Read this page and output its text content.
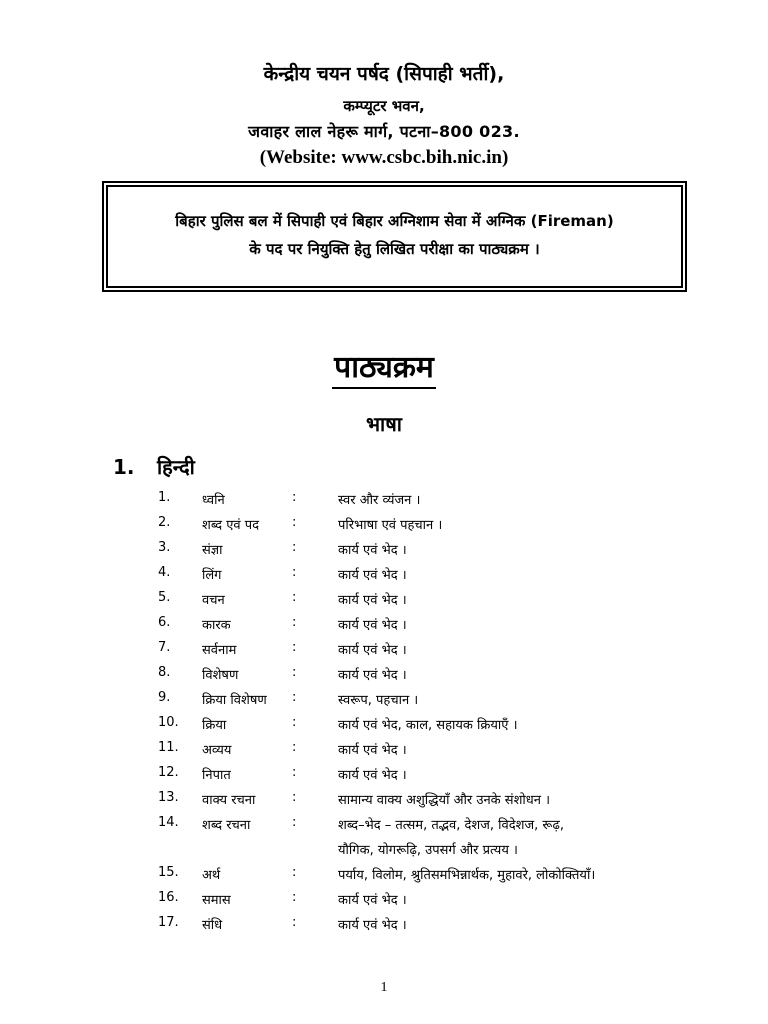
केन्द्रीय चयन पर्षद (सिपाही भर्ती),
कम्प्यूटर भवन,
जवाहर लाल नेहरू मार्ग, पटना–800 023.
(Website: www.csbc.bih.nic.in)
बिहार पुलिस बल में सिपाही एवं बिहार अग्निशाम सेवा में अग्निक (Fireman)
के पद पर नियुक्ति हेतु लिखित परीक्षा का पाठ्यक्रम ।
पाठ्यक्रम
भाषा
1. हिन्दी
1. ध्वनि	:	स्वर और व्यंजन ।
2. शब्द एवं पद	:	परिभाषा एवं पहचान ।
3. संज्ञा	:	कार्य एवं भेद ।
4. लिंग	:	कार्य एवं भेद ।
5. वचन	:	कार्य एवं भेद ।
6. कारक	:	कार्य एवं भेद ।
7. सर्वनाम	:	कार्य एवं भेद ।
8. विशेषण	:	कार्य एवं भेद ।
9. क्रिया विशेषण :	स्वरूप, पहचान ।
10. क्रिया	:	कार्य एवं भेद, काल, सहायक क्रियाएँ ।
11. अव्यय	:	कार्य एवं भेद ।
12. निपात	:	कार्य एवं भेद ।
13. वाक्य रचना	:	सामान्य वाक्य अशुद्धियाँ और उनके संशोधन ।
14. शब्द रचना	:	शब्द–भेद – तत्सम, तद्भव, देशज, विदेशज, रूढ़,
यौगिक, योगरूढ़ि, उपसर्ग और प्रत्यय ।
15. अर्थ	:	पर्याय, विलोम, श्रुतिसमभिन्नार्थक, मुहावरे, लोकोक्तियाँ।
16. समास	:	कार्य एवं भेद ।
17. संधि	:	कार्य एवं भेद ।
1
